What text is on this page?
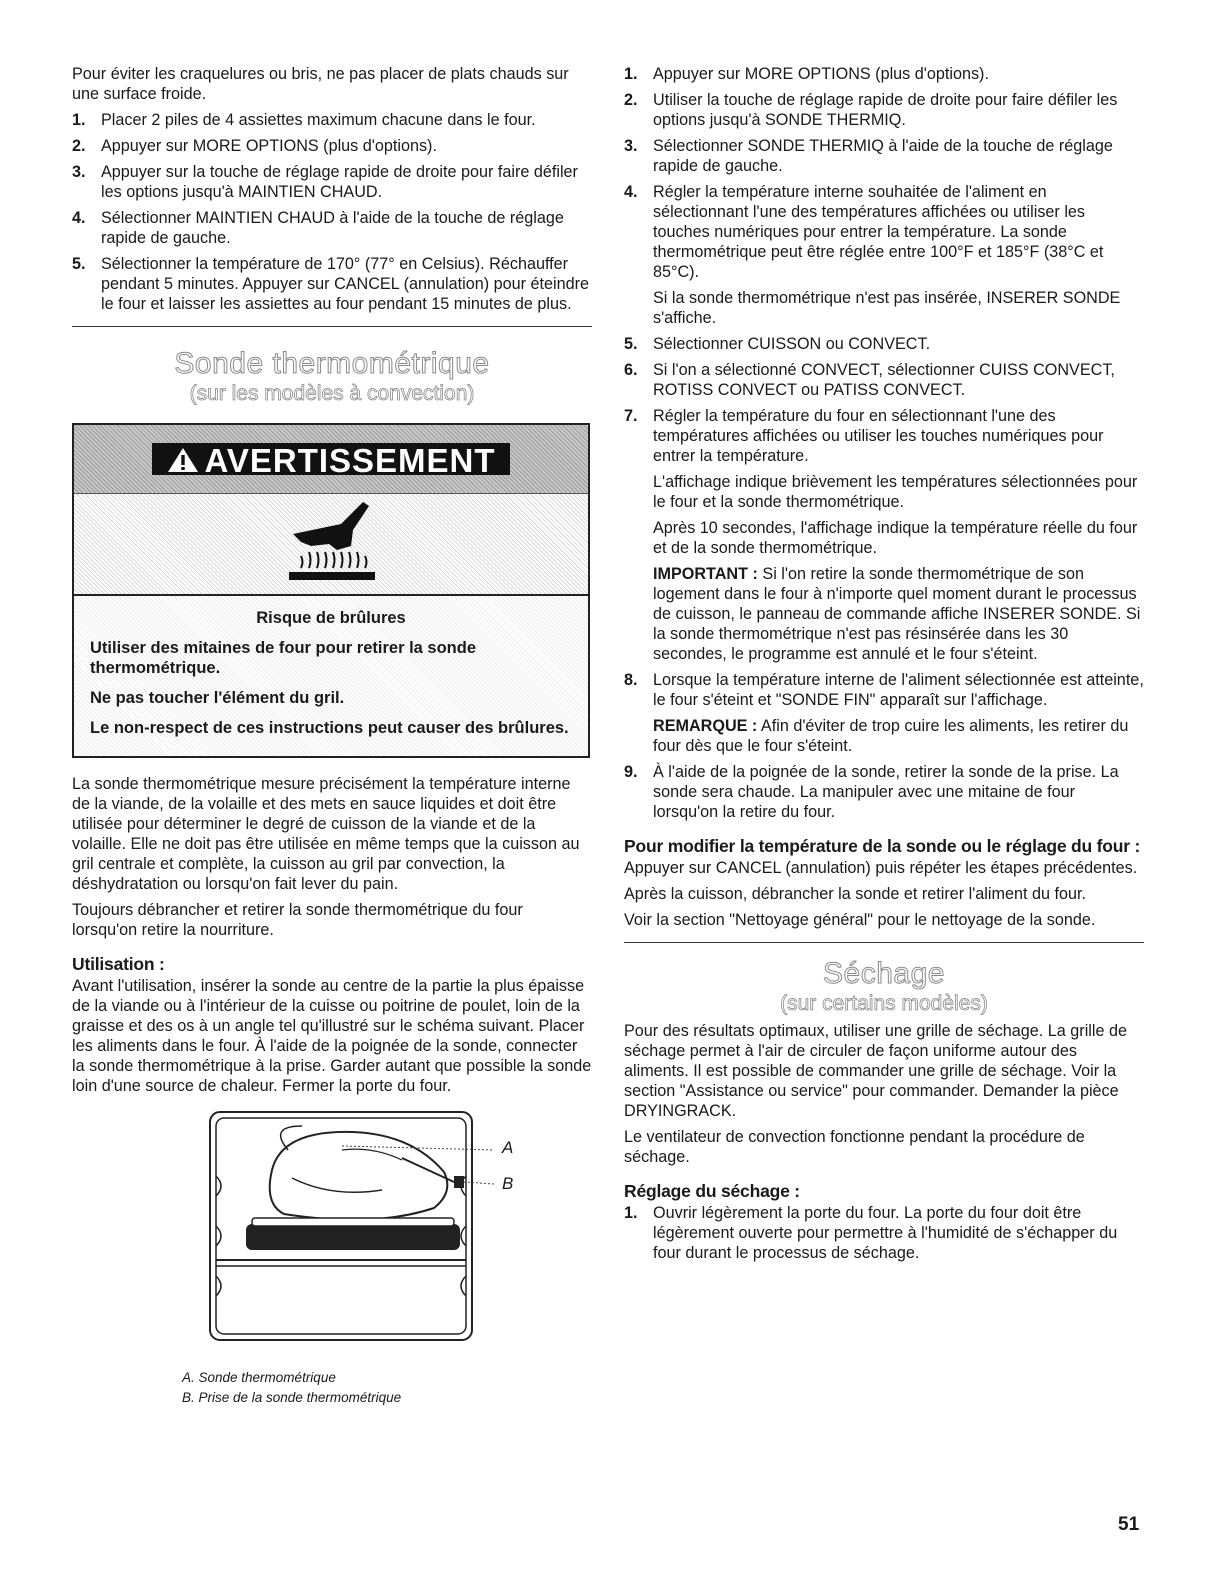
Pour éviter les craquelures ou bris, ne pas placer de plats chauds sur une surface froide.

1. Placer 2 piles de 4 assiettes maximum chacune dans le four.
2. Appuyer sur MORE OPTIONS (plus d'options).
3. Appuyer sur la touche de réglage rapide de droite pour faire défiler les options jusqu'à MAINTIEN CHAUD.
4. Sélectionner MAINTIEN CHAUD à l'aide de la touche de réglage rapide de gauche.
5. Sélectionner la température de 170° (77° en Celsius). Réchauffer pendant 5 minutes. Appuyer sur CANCEL (annulation) pour éteindre le four et laisser les assiettes au four pendant 15 minutes de plus.
Sonde thermométrique
(sur les modèles à convection)
AVERTISSEMENT

Risque de brûlures

Utiliser des mitaines de four pour retirer la sonde thermométrique.

Ne pas toucher l'élément du gril.

Le non-respect de ces instructions peut causer des brûlures.

La sonde thermométrique mesure précisément la température interne de la viande, de la volaille et des mets en sauce liquides et doit être utilisée pour déterminer le degré de cuisson de la viande et de la volaille. Elle ne doit pas être utilisée en même temps que la cuisson au gril centrale et complète, la cuisson au gril par convection, la déshydratation ou lorsqu'on fait lever du pain.

Toujours débrancher et retirer la sonde thermométrique du four lorsqu'on retire la nourriture.

Utilisation :

Avant l'utilisation, insérer la sonde au centre de la partie la plus épaisse de la viande ou à l'intérieur de la cuisse ou poitrine de poulet, loin de la graisse et des os à un angle tel qu'illustré sur le schéma suivant. Placer les aliments dans le four. À l'aide de la poignée de la sonde, connecter la sonde thermométrique à la prise. Garder autant que possible la sonde loin d'une source de chaleur. Fermer la porte du four.

A
B
A. Sonde thermométrique
B. Prise de la sonde thermométrique
1. Appuyer sur MORE OPTIONS (plus d'options).
2. Utiliser la touche de réglage rapide de droite pour faire défiler les options jusqu'à SONDE THERMIQ.
3. Sélectionner SONDE THERMIQ à l'aide de la touche de réglage rapide de gauche.
4. Régler la température interne souhaitée de l'aliment en sélectionnant l'une des températures affichées ou utiliser les touches numériques pour entrer la température. La sonde thermométrique peut être réglée entre 100°F et 185°F (38°C et 85°C).

Si la sonde thermométrique n'est pas insérée, INSERER SONDE s'affiche.

5. Sélectionner CUISSON ou CONVECT.
6. Si l'on a sélectionné CONVECT, sélectionner CUISS CONVECT, ROTISS CONVECT ou PATISS CONVECT.
7. Régler la température du four en sélectionnant l'une des températures affichées ou utiliser les touches numériques pour entrer la température.

L'affichage indique brièvement les températures sélectionnées pour le four et la sonde thermométrique.

Après 10 secondes, l'affichage indique la température réelle du four et de la sonde thermométrique.

IMPORTANT : Si l'on retire la sonde thermométrique de son logement dans le four à n'importe quel moment durant le processus de cuisson, le panneau de commande affiche INSERER SONDE. Si la sonde thermométrique n'est pas résinsérée dans les 30 secondes, le programme est annulé et le four s'éteint.

8. Lorsque la température interne de l'aliment sélectionnée est atteinte, le four s'éteint et "SONDE FIN" apparaît sur l'affichage.

REMARQUE : Afin d'éviter de trop cuire les aliments, les retirer du four dès que le four s'éteint.

9. À l'aide de la poignée de la sonde, retirer la sonde de la prise. La sonde sera chaude. La manipuler avec une mitaine de four lorsqu'on la retire du four.
Pour modifier la température de la sonde ou le réglage du four :

Appuyer sur CANCEL (annulation) puis répéter les étapes précédentes.

Après la cuisson, débrancher la sonde et retirer l'aliment du four.

Voir la section "Nettoyage général" pour le nettoyage de la sonde.

Séchage
(sur certains modèles)

Pour des résultats optimaux, utiliser une grille de séchage. La grille de séchage permet à l'air de circuler de façon uniforme autour des aliments. Il est possible de commander une grille de séchage. Voir la section "Assistance ou service" pour commander. Demander la pièce DRYINGRACK.

Le ventilateur de convection fonctionne pendant la procédure de séchage.

Réglage du séchage :
1. Ouvrir légèrement la porte du four. La porte du four doit être légèrement ouverte pour permettre à l'humidité de s'échapper du four durant le processus de séchage.
51
